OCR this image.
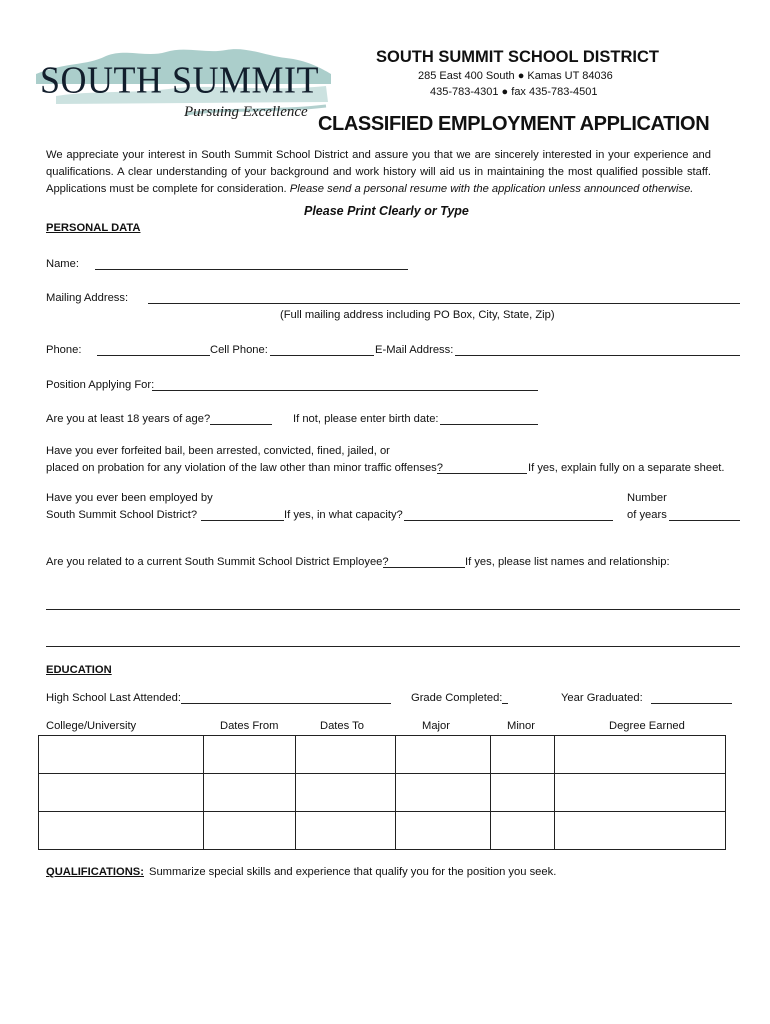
SOUTH SUMMIT
Pursuing Excellence
SOUTH SUMMIT SCHOOL DISTRICT
285 East 400 South ● Kamas UT 84036
435-783-4301 ● fax 435-783-4501
CLASSIFIED EMPLOYMENT APPLICATION
We appreciate your interest in South Summit School District and assure you that we are sincerely interested in your experience and qualifications. A clear understanding of your background and work history will aid us in maintaining the most qualified possible staff. Applications must be complete for consideration. Please send a personal resume with the application unless announced otherwise.
Please Print Clearly or Type
PERSONAL DATA
Name:
Mailing Address:
(Full mailing address including PO Box, City, State, Zip)
Phone:	Cell Phone:	E-Mail Address:
Position Applying For:
Are you at least 18 years of age?	If not, please enter birth date:
Have you ever forfeited bail, been arrested, convicted, fined, jailed, or
placed on probation for any violation of the law other than minor traffic offenses?	If yes, explain fully on a separate sheet.
Have you ever been employed by
South Summit School District?	If yes, in what capacity?
Number
of years
Are you related to a current South Summit School District Employee?	If yes, please list names and relationship:
EDUCATION
High School Last Attended:	Grade Completed:	Year Graduated:
College/University	Dates From	Dates To	Major	Minor	Degree Earned

QUALIFICATIONS: Summarize special skills and experience that qualify you for the position you seek.
